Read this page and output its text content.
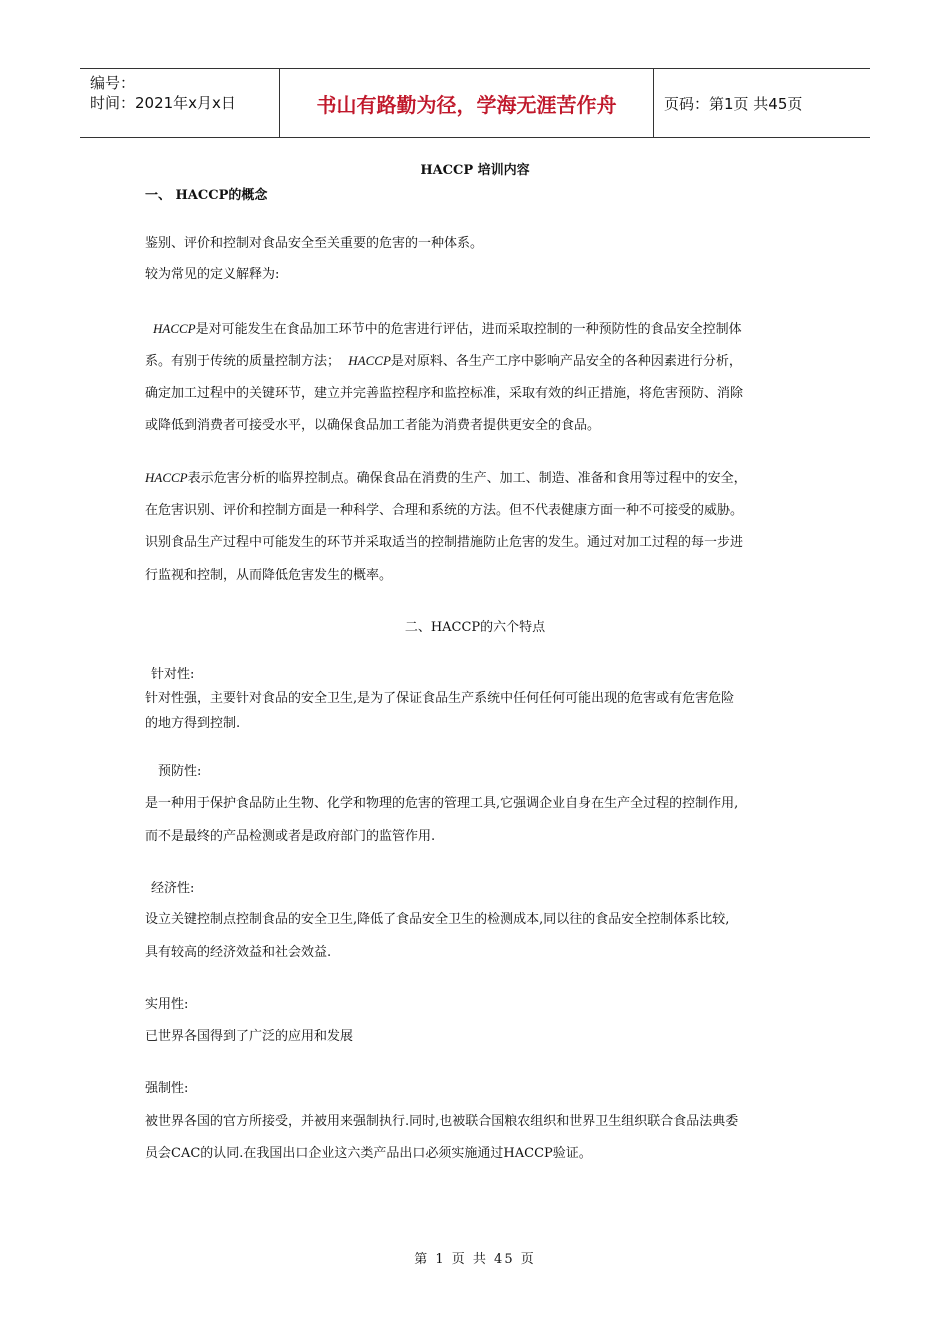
编号：
时间：2021年x月x日	书山有路勤为径，学海无涯苦作舟	页码：第1页 共45页
HACCP 培训内容
一、 HACCP的概念
鉴别、评价和控制对食品安全至关重要的危害的一种体系。
较为常见的定义解释为:
HACCP是对可能发生在食品加工环节中的危害进行评估，进而采取控制的一种预防性的食品安全控制体
系。有别于传统的质量控制方法； HACCP是对原料、各生产工序中影响产品安全的各种因素进行分析，
确定加工过程中的关键环节，建立并完善监控程序和监控标准，采取有效的纠正措施，将危害预防、消除
或降低到消费者可接受水平，以确保食品加工者能为消费者提供更安全的食品。
HACCP表示危害分析的临界控制点。确保食品在消费的生产、加工、制造、准备和食用等过程中的安全，
在危害识别、评价和控制方面是一种科学、合理和系统的方法。但不代表健康方面一种不可接受的威胁。
识别食品生产过程中可能发生的环节并采取适当的控制措施防止危害的发生。通过对加工过程的每一步进
行监视和控制，从而降低危害发生的概率。
二、HACCP的六个特点
针对性:
针对性强，主要针对食品的安全卫生,是为了保证食品生产系统中任何任何可能出现的危害或有危害危险
的地方得到控制.
预防性:
是一种用于保护食品防止生物、化学和物理的危害的管理工具,它强调企业自身在生产全过程的控制作用,
而不是最终的产品检测或者是政府部门的监管作用.
经济性:
设立关键控制点控制食品的安全卫生,降低了食品安全卫生的检测成本,同以往的食品安全控制体系比较,
具有较高的经济效益和社会效益.
实用性:
已世界各国得到了广泛的应用和发展
强制性:
被世界各国的官方所接受，并被用来强制执行.同时,也被联合国粮农组织和世界卫生组织联合食品法典委
员会CAC的认同.在我国出口企业这六类产品出口必须实施通过HACCP验证。
第 1 页 共 45 页
